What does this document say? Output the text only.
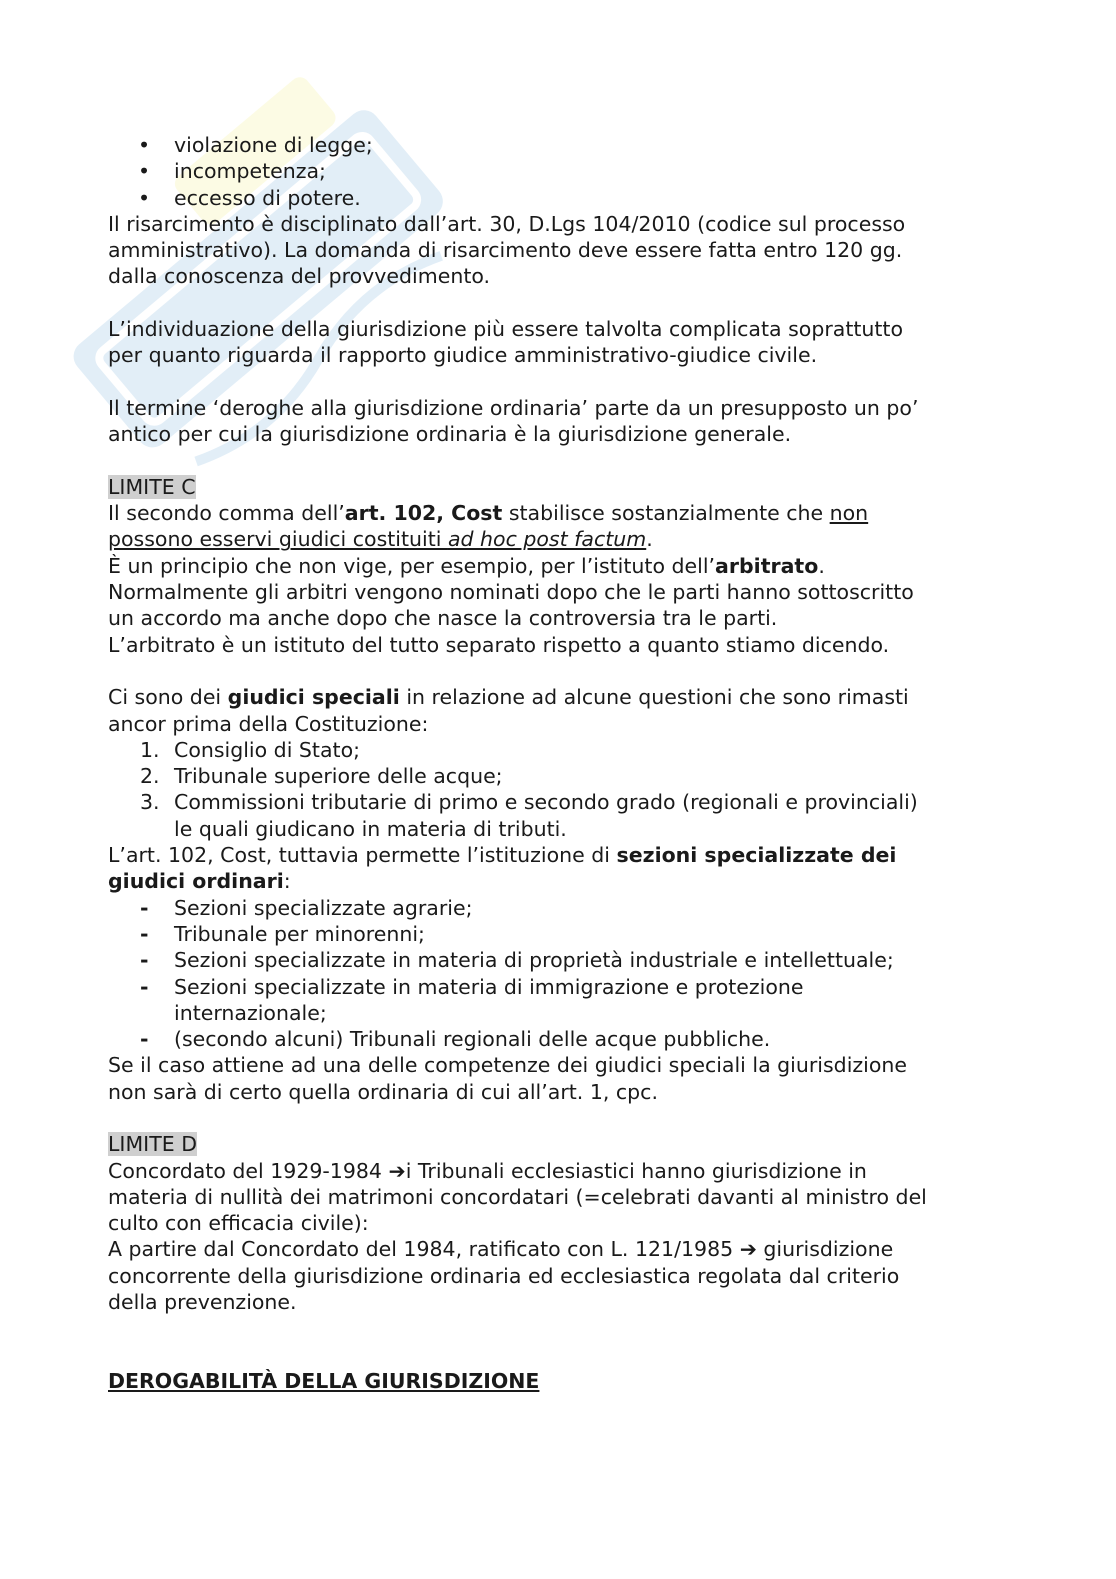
•	violazione di legge;
•	incompetenza;
•	eccesso di potere.
Il risarcimento è disciplinato dall’art. 30, D.Lgs 104/2010 (codice sul processo
amministrativo). La domanda di risarcimento deve essere fatta entro 120 gg.
dalla conoscenza del provvedimento.
L’individuazione della giurisdizione più essere talvolta complicata soprattutto
per quanto riguarda il rapporto giudice amministrativo-giudice civile.
Il termine ‘deroghe alla giurisdizione ordinaria’ parte da un presupposto un po’
antico per cui la giurisdizione ordinaria è la giurisdizione generale.
LIMITE C
Il secondo comma dell’art. 102, Cost stabilisce sostanzialmente che non
possono esservi giudici costituiti ad hoc post factum.
È un principio che non vige, per esempio, per l’istituto dell’arbitrato.
Normalmente gli arbitri vengono nominati dopo che le parti hanno sottoscritto
un accordo ma anche dopo che nasce la controversia tra le parti.
L’arbitrato è un istituto del tutto separato rispetto a quanto stiamo dicendo.
Ci sono dei giudici speciali in relazione ad alcune questioni che sono rimasti
ancor prima della Costituzione:
1. Consiglio di Stato;
2. Tribunale superiore delle acque;
3. Commissioni tributarie di primo e secondo grado (regionali e provinciali)
le quali giudicano in materia di tributi.
L’art. 102, Cost, tuttavia permette l’istituzione di sezioni specializzate dei
giudici ordinari:
-	Sezioni specializzate agrarie;
-	Tribunale per minorenni;
-	Sezioni specializzate in materia di proprietà industriale e intellettuale;
-	Sezioni specializzate in materia di immigrazione e protezione
internazionale;
-	(secondo alcuni) Tribunali regionali delle acque pubbliche.
Se il caso attiene ad una delle competenze dei giudici speciali la giurisdizione
non sarà di certo quella ordinaria di cui all’art. 1, cpc.
LIMITE D
Concordato del 1929-1984 ➔i Tribunali ecclesiastici hanno giurisdizione in
materia di nullità dei matrimoni concordatari (=celebrati davanti al ministro del
culto con efficacia civile):
A partire dal Concordato del 1984, ratificato con L. 121/1985 ➔ giurisdizione
concorrente della giurisdizione ordinaria ed ecclesiastica regolata dal criterio
della prevenzione.
DEROGABILITÀ DELLA GIURISDIZIONE
